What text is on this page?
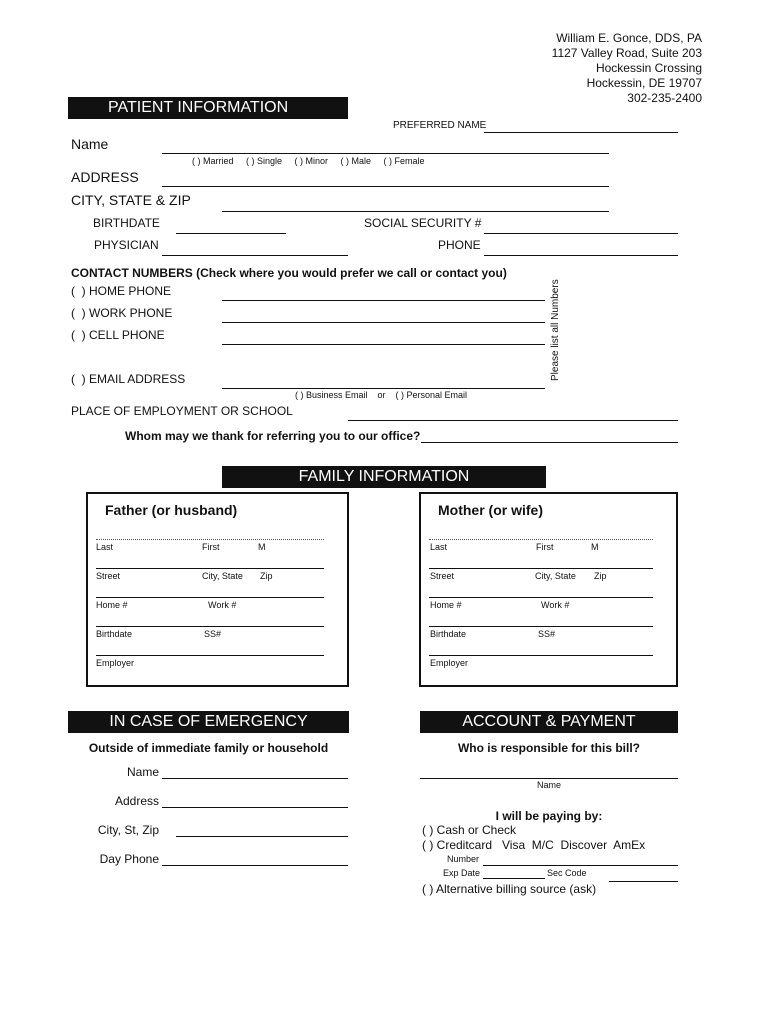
William E. Gonce, DDS, PA
1127 Valley Road, Suite 203
Hockessin Crossing
Hockessin, DE 19707
302-235-2400
PATIENT INFORMATION
PREFERRED NAME
Name
( ) Married     ( ) Single     ( ) Minor     ( ) Male     ( ) Female
ADDRESS
CITY, STATE & ZIP
BIRTHDATE	SOCIAL SECURITY #
PHYSICIAN	PHONE
CONTACT NUMBERS (Check where you would prefer we call or contact you)
(  ) HOME PHONE
(  ) WORK PHONE
(  ) CELL PHONE
(  ) EMAIL ADDRESS
( ) Business Email    or    ( ) Personal Email
Please list all Numbers
PLACE OF EMPLOYMENT OR SCHOOL
Whom may we thank for referring you to our office?
FAMILY INFORMATION
Father (or husband)
Last	First	M
Street	City, State Zip
Home #	Work #
Birthdate	SS#
Employer
Mother (or wife)
Last	First	M
Street	City, State Zip
Home #	Work #
Birthdate	SS#
Employer
IN CASE OF EMERGENCY
Outside of immediate family or household
Name
Address
City, St, Zip
Day Phone
ACCOUNT & PAYMENT
Who is responsible for this bill?
Name
I will be paying by:
( ) Cash or Check
( ) Creditcard   Visa  M/C  Discover  AmEx
Number
Exp Date	Sec Code
( ) Alternative billing source (ask)
